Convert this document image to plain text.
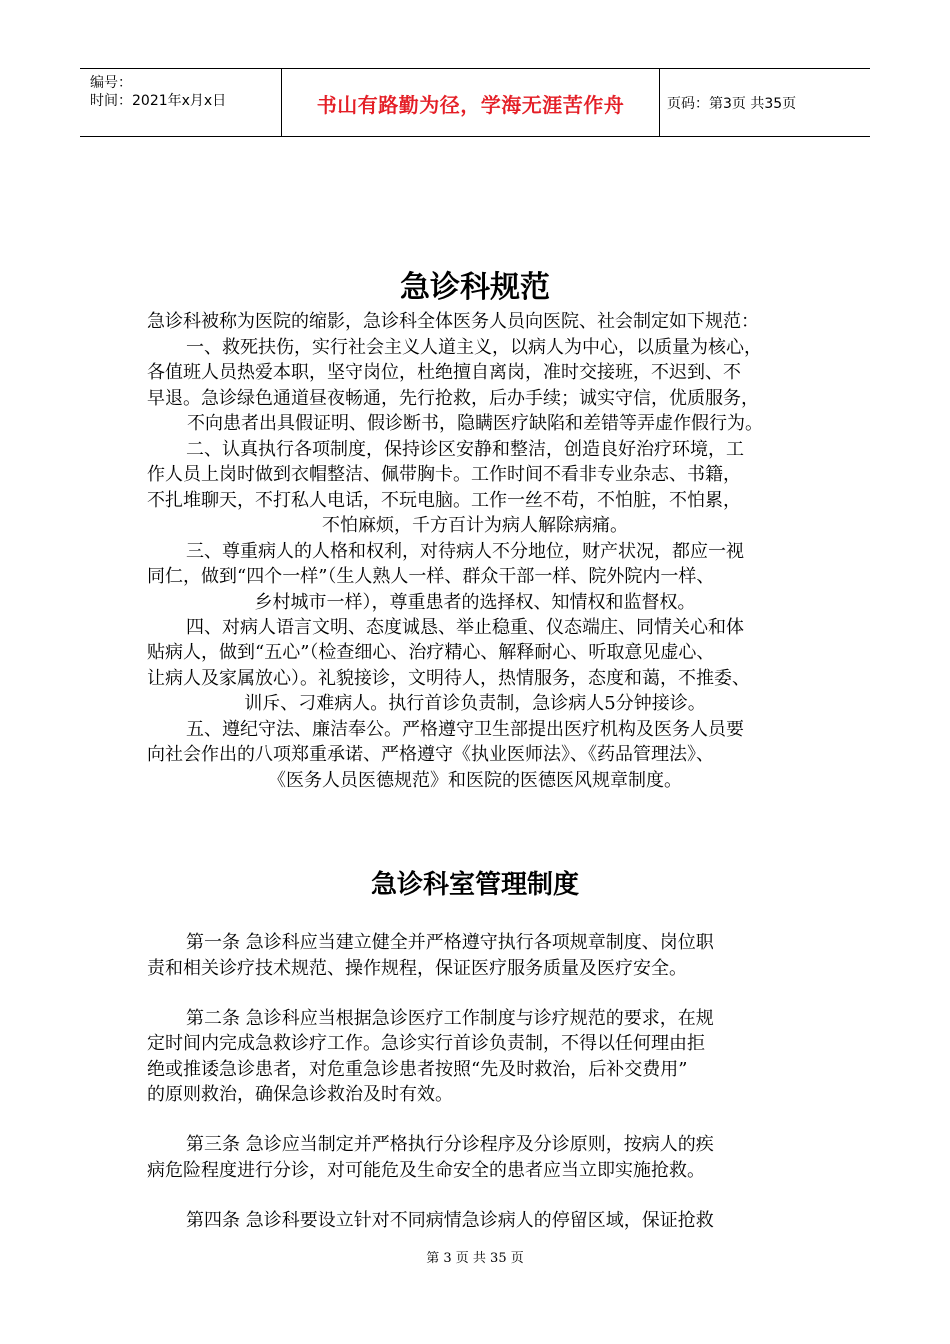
编号：
时间：2021年x月x日	书山有路勤为径，学海无涯苦作舟	页码：第3页 共35页
急诊科规范
急诊科被称为医院的缩影，急诊科全体医务人员向医院、社会制定如下规范：
一、救死扶伤，实行社会主义人道主义，以病人为中心，以质量为核心，
各值班人员热爱本职，坚守岗位，杜绝擅自离岗，准时交接班，不迟到、不
早退。急诊绿色通道昼夜畅通，先行抢救，后办手续；诚实守信，优质服务，
不向患者出具假证明、假诊断书，隐瞒医疗缺陷和差错等弄虚作假行为。
二、认真执行各项制度，保持诊区安静和整洁，创造良好治疗环境，工
作人员上岗时做到衣帽整洁、佩带胸卡。工作时间不看非专业杂志、书籍，
不扎堆聊天，不打私人电话，不玩电脑。工作一丝不苟，不怕脏，不怕累，
不怕麻烦，千方百计为病人解除病痛。
三、尊重病人的人格和权利，对待病人不分地位，财产状况，都应一视
同仁，做到“四个一样”（生人熟人一样、群众干部一样、院外院内一样、
乡村城市一样），尊重患者的选择权、知情权和监督权。
四、对病人语言文明、态度诚恳、举止稳重、仪态端庄、同情关心和体
贴病人，做到“五心”（检查细心、治疗精心、解释耐心、听取意见虚心、
让病人及家属放心）。礼貌接诊，文明待人，热情服务，态度和蔼，不推委、
训斥、刁难病人。执行首诊负责制，急诊病人5分钟接诊。
五、遵纪守法、廉洁奉公。严格遵守卫生部提出医疗机构及医务人员要
向社会作出的八项郑重承诺、严格遵守《执业医师法》、《药品管理法》、
《医务人员医德规范》和医院的医德医风规章制度。
急诊科室管理制度
第一条 急诊科应当建立健全并严格遵守执行各项规章制度、岗位职
责和相关诊疗技术规范、操作规程，保证医疗服务质量及医疗安全。
第二条 急诊科应当根据急诊医疗工作制度与诊疗规范的要求，在规
定时间内完成急救诊疗工作。急诊实行首诊负责制，不得以任何理由拒
绝或推诿急诊患者，对危重急诊患者按照“先及时救治，后补交费用”
的原则救治，确保急诊救治及时有效。
第三条 急诊应当制定并严格执行分诊程序及分诊原则，按病人的疾
病危险程度进行分诊，对可能危及生命安全的患者应当立即实施抢救。
第四条 急诊科要设立针对不同病情急诊病人的停留区域，保证抢救
第 3 页 共 35 页
